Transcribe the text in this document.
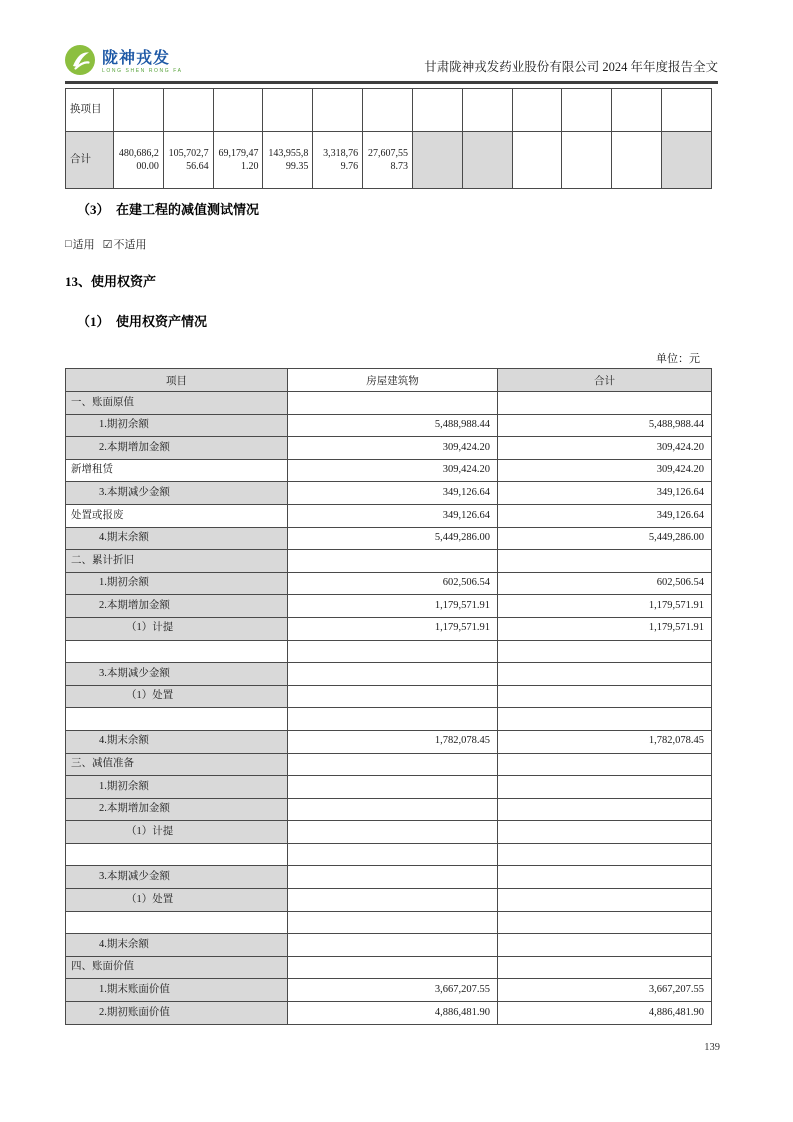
陇神戎发
LONG SHEN RONG FA	甘肃陇神戎发药业股份有限公司 2024 年年度报告全文
换项目												
合计	480,686,200.00	105,702,756.64	69,179,471.20	143,955,899.35	3,318,769.76	27,607,558.73						
（3）  在建工程的减值测试情况
□ 适用 ☑ 不适用
13、使用权资产
（1）  使用权资产情况
单位：元
项目	房屋建筑物	合计
一、账面原值		
1.期初余额	5,488,988.44	5,488,988.44
2.本期增加金额	309,424.20	309,424.20
新增租赁	309,424.20	309,424.20
3.本期减少金额	349,126.64	349,126.64
处置或报废	349,126.64	349,126.64
4.期末余额	5,449,286.00	5,449,286.00
二、累计折旧		
1.期初余额	602,506.54	602,506.54
2.本期增加金额	1,179,571.91	1,179,571.91
（1）计提	1,179,571.91	1,179,571.91

3.本期减少金额		
（1）处置		

4.期末余额	1,782,078.45	1,782,078.45
三、减值准备		
1.期初余额		
2.本期增加金额		
（1）计提		

3.本期减少金额		
（1）处置		

4.期末余额		
四、账面价值		
1.期末账面价值	3,667,207.55	3,667,207.55
2.期初账面价值	4,886,481.90	4,886,481.90
139
